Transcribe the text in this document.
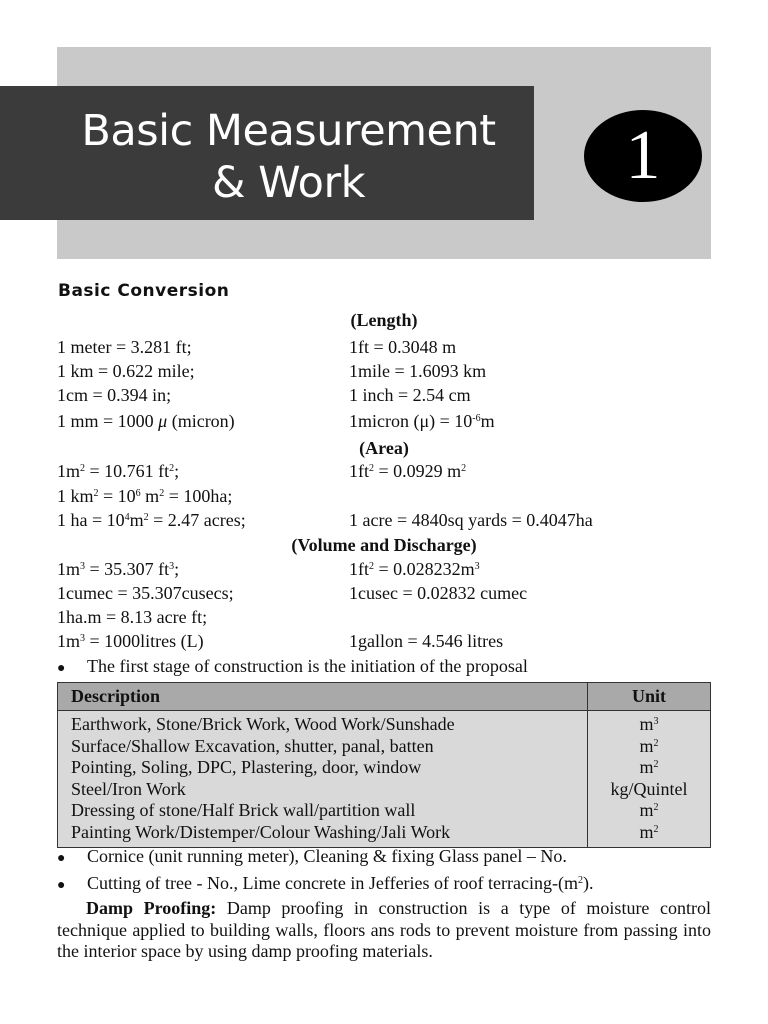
Basic Measurement
& Work	1
Basic Conversion
(Length)
1 meter = 3.281 ft;	1ft = 0.3048 m
1 km = 0.622 mile;	1mile = 1.6093 km
1cm = 0.394 in;	1 inch = 2.54 cm
1 mm = 1000 μ (micron)	1micron $(\mu) = 10^{-6}m$
(Area)
$1m^2 = 10.761$ $ft^2$;	$1ft^2 = 0.0929$ $m^2$
1 $km^2 = 10^6$ $m^2 = 100ha$;
1 ha = $10^4m^2 = 2.47$ acres;	1 acre = 4840sq yards = 0.4047ha
(Volume and Discharge)
$1m^3 = 35.307$ $ft^3$;	$1ft^2 = 0.028232m^3$
1cumec = 35.307cusecs;	1cusec = 0.02832 cumec
1ha.m = 8.13 acre ft;
$1m^3$ = 1000litres (L)	1gallon = 4.546 litres
● The first stage of construction is the initiation of the proposal
Description	Unit
Earthwork, Stone/Brick Work, Wood Work/Sunshade	$m^3$
Surface/Shallow Excavation, shutter, panal, batten	$m^2$
Pointing, Soling, DPC, Plastering, door, window	$m^2$
Steel/Iron Work	kg/Quintel
Dressing of stone/Half Brick wall/partition wall	$m^2$
Painting Work/Distemper/Colour Washing/Jali Work	$m^2$
● Cornice (unit running meter), Cleaning & fixing Glass panel – No.
● Cutting of tree - No., Lime concrete in Jefferies of roof terracing-$(m^2)$.
Damp Proofing: Damp proofing in construction is a type of moisture control technique applied to building walls, floors ans rods to prevent moisture from passing into the interior space by using damp proofing materials.
